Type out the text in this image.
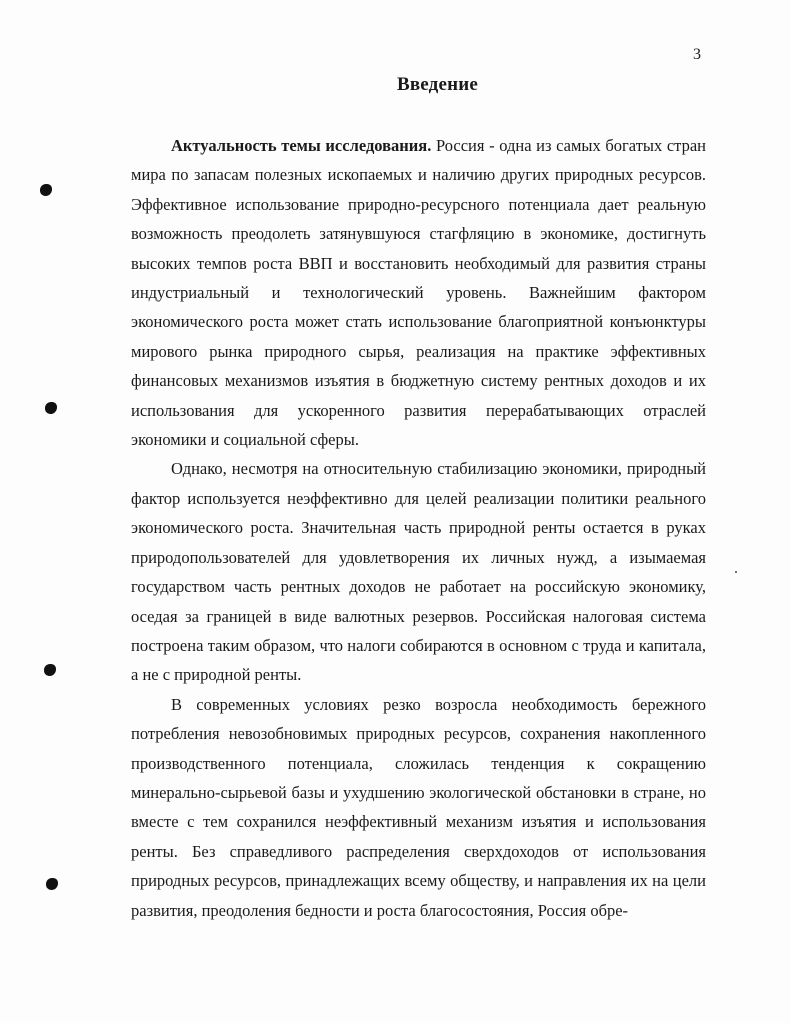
3
Введение

Актуальность темы исследования. Россия - одна из самых богатых стран мира по запасам полезных ископаемых и наличию других природных ресурсов. Эффективное использование природно-ресурсного потенциала дает реальную возможность преодолеть затянувшуюся стагфляцию в экономике, достигнуть высоких темпов роста ВВП и восстановить необходимый для развития страны индустриальный и технологический уровень. Важнейшим фактором экономического роста может стать использование благоприятной конъюнктуры мирового рынка природного сырья, реализация на практике эффективных финансовых механизмов изъятия в бюджетную систему рентных доходов и их использования для ускоренного развития перерабатывающих отраслей экономики и социальной сферы.

Однако, несмотря на относительную стабилизацию экономики, природный фактор используется неэффективно для целей реализации политики реального экономического роста. Значительная часть природной ренты остается в руках природопользователей для удовлетворения их личных нужд, а изымаемая государством часть рентных доходов не работает на российскую экономику, оседая за границей в виде валютных резервов. Российская налоговая система построена таким образом, что налоги собираются в основном с труда и капитала, а не с природной ренты.

В современных условиях резко возросла необходимость бережного потребления невозобновимых природных ресурсов, сохранения накопленного производственного потенциала, сложилась тенденция к сокращению минерально-сырьевой базы и ухудшению экологической обстановки в стране, но вместе с тем сохранился неэффективный механизм изъятия и использования ренты. Без справедливого распределения сверхдоходов от использования природных ресурсов, принадлежащих всему обществу, и направления их на цели развития, преодоления бедности и роста благосостояния, Россия обре-
